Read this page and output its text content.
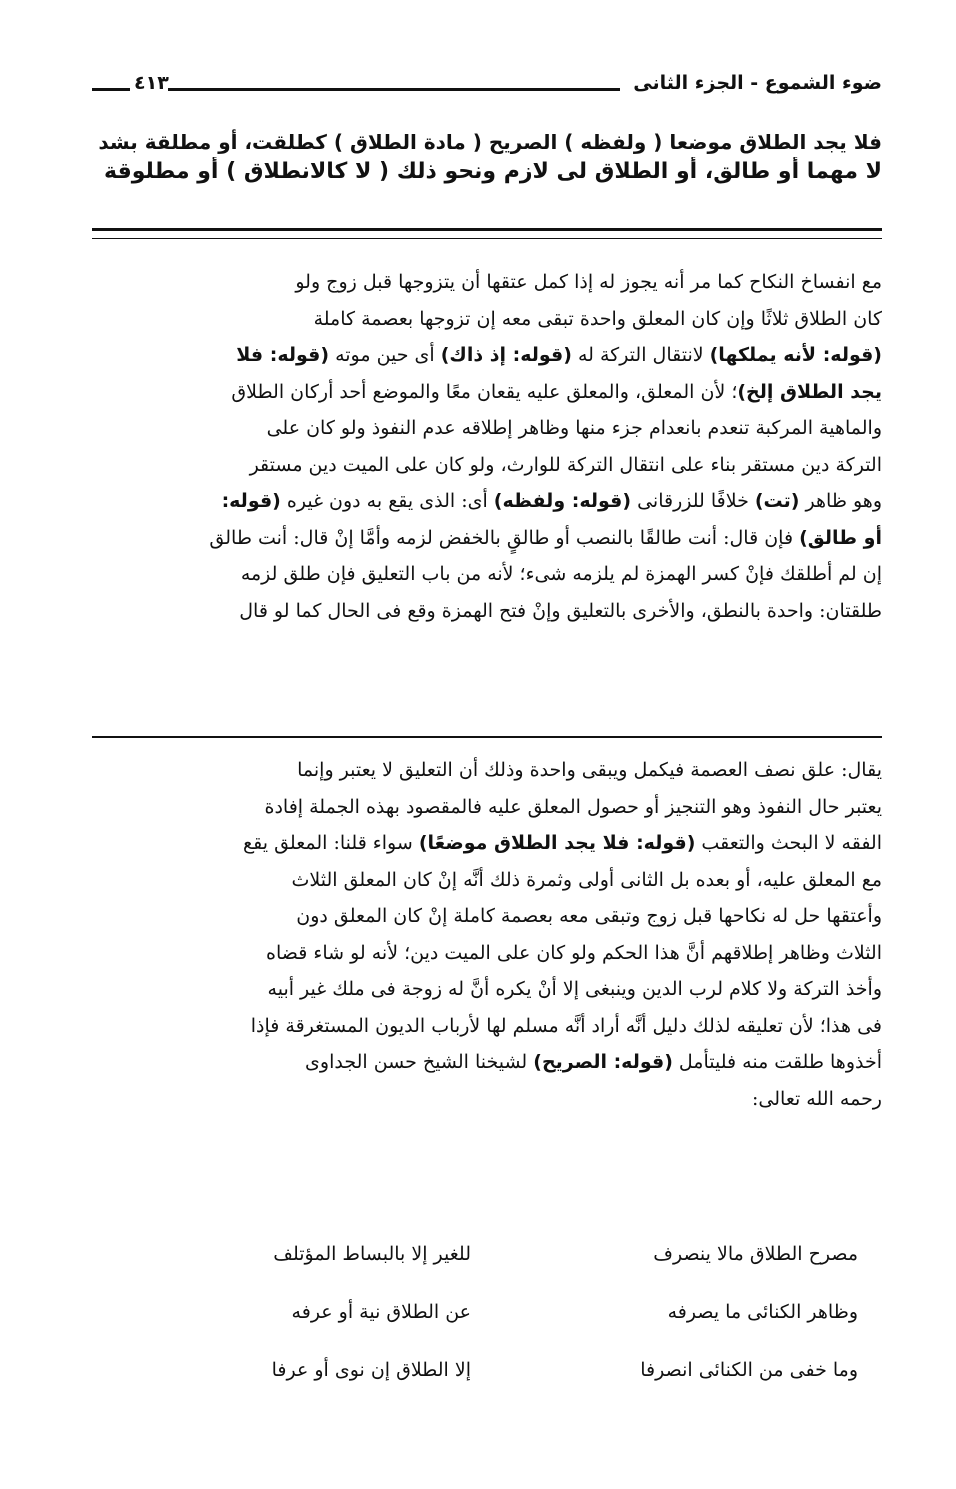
ضوء الشموع - الجزء الثانى
٤١٣
فلا يجد الطلاق موضعا ( ولفظه ) الصريح ( مادة الطلاق ) كطلقت، أو مطلقة بشد
لا مهما أو طالق، أو الطلاق لى لازم ونحو ذلك ( لا كالانطلاق ) أو مطلوقة
مع انفساخ النكاح كما مر أنه يجوز له إذا كمل عتقها أن يتزوجها قبل زوج ولو
كان الطلاق ثلاثًا وإن كان المعلق واحدة تبقى معه إن تزوجها بعصمة كاملة
(قوله: لأنه يملكها) لانتقال التركة له (قوله: إذ ذاك) أى حين موته (قوله: فلا
يجد الطلاق إلخ)؛ لأن المعلق، والمعلق عليه يقعان معًا والموضع أحد أركان الطلاق
والماهية المركبة تنعدم بانعدام جزء منها وظاهر إطلاقه عدم النفوذ ولو كان على
التركة دين مستقر بناء على انتقال التركة للوارث، ولو كان على الميت دين مستقر
وهو ظاهر (تت) خلافًا للزرقانى (قوله: ولفظه) أى: الذى يقع به دون غيره (قوله:
أو طالق) فإن قال: أنت طالقًا بالنصب أو طالقٍ بالخفض لزمه وأمَّا إنْ قال: أنت طالق
إن لم أطلقك فإنْ كسر الهمزة لم يلزمه شىء؛ لأنه من باب التعليق فإن طلق لزمه
طلقتان: واحدة بالنطق، والأخرى بالتعليق وإنْ فتح الهمزة وقع فى الحال كما لو قال
يقال: علق نصف العصمة فيكمل ويبقى واحدة وذلك أن التعليق لا يعتبر وإنما
يعتبر حال النفوذ وهو التنجيز أو حصول المعلق عليه فالمقصود بهذه الجملة إفادة
الفقه لا البحث والتعقب (قوله: فلا يجد الطلاق موضعًا) سواء قلنا: المعلق يقع
مع المعلق عليه، أو بعده بل الثانى أولى وثمرة ذلك أنَّه إنْ كان المعلق الثلاث
وأعتقها حل له نكاحها قبل زوج وتبقى معه بعصمة كاملة إنْ كان المعلق دون
الثلاث وظاهر إطلاقهم أنَّ هذا الحكم ولو كان على الميت دين؛ لأنه لو شاء قضاه
وأخذ التركة ولا كلام لرب الدين وينبغى إلا أنْ يكره أنَّ له زوجة فى ملك غير أبيه
فى هذا؛ لأن تعليقه لذلك دليل أنَّه أراد أنَّه مسلم لها لأرباب الديون المستغرقة فإذا
أخذوها طلقت منه فليتأمل (قوله: الصريح) لشيخنا الشيخ حسن الجداوى
رحمه الله تعالى:
مصرح الطلاق مالا ينصرف
للغير إلا بالبساط المؤتلف
وظاهر الكنائى ما يصرفه
عن الطلاق نية أو عرفه
وما خفى من الكنائى انصرفا
إلا الطلاق إن نوى أو عرفا
